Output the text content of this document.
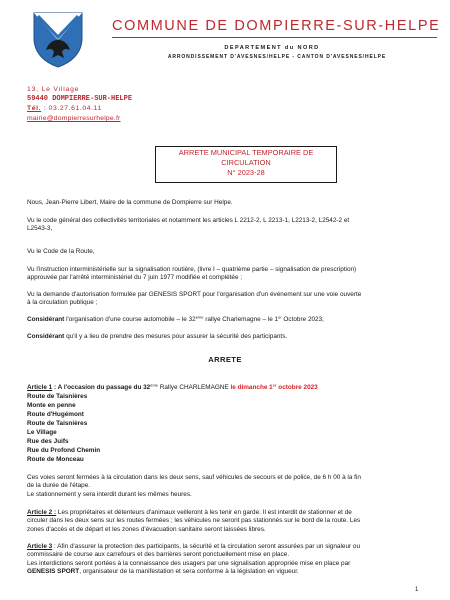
COMMUNE DE DOMPIERRE-SUR-HELPE
DEPARTEMENT du NORD
ARRONDISSEMENT D'AVESNES/HELPE - CANTON D'AVESNES/HELPE
13, Le Village
59440 DOMPIERRE-SUR-HELPE
Tél. : 03.27.61.04.11
mairie@dompierresurhelpe.fr
ARRETE MUNICIPAL TEMPORAIRE DE
CIRCULATION
N° 2023-28
Nous, Jean-Pierre Libert, Maire de la commune de Dompierre sur Helpe.
Vu le code général des collectivités territoriales et notamment les articles L 2212-2, L 2213-1, L2213-2, L2542-2 et
L2543-3,
Vu le Code de la Route,
Vu l'instruction interministérielle sur la signalisation routière, (livre I – quatrième partie – signalisation de prescription)
approuvée par l'arrêté interministériel du 7 juin 1977 modifiée et complétée ;
Vu la demande d'autorisation formulée par GENESIS SPORT pour l'organisation d'un événement sur une voie ouverte
à la circulation publique ;
Considérant l'organisation d'une course automobile – le 32ème rallye Charlemagne – le 1er Octobre 2023,
Considérant qu'il y a lieu de prendre des mesures pour assurer la sécurité des participants.
ARRETE
Article 1 : A l'occasion du passage du 32ème Rallye CHARLEMAGNE le dimanche 1er octobre 2023
Route de Taisnières
Monte en penne
Route d'Hugémont
Route de Taisnières
Le Village
Rue des Juifs
Rue du Profond Chemin
Route de Monceau
Ces voies seront fermées à la circulation dans les deux sens, sauf véhicules de secours et de police, de 6 h 00 à la fin
de la durée de l'étape.
Le stationnement y sera interdit durant les mêmes heures.
Article 2 : Les propriétaires et détenteurs d'animaux veilleront à les tenir en garde. Il est interdit de stationner et de
circuler dans les deux sens sur les routes fermées ; les véhicules ne seront pas stationnés sur le bord de la route. Les
zones d'accès et de départ et les zones d'évacuation sanitaire seront laissées libres.
Article 3 : Afin d'assurer la protection des participants, la sécurité et la circulation seront assurées par un signaleur ou
commissaire de course aux carrefours et des barrières seront ponctuellement mise en place.
Les interdictions seront portées à la connaissance des usagers par une signalisation appropriée mise en place par
GENESIS SPORT, organisateur de la manifestation et sera conforme à la législation en vigueur.
1
